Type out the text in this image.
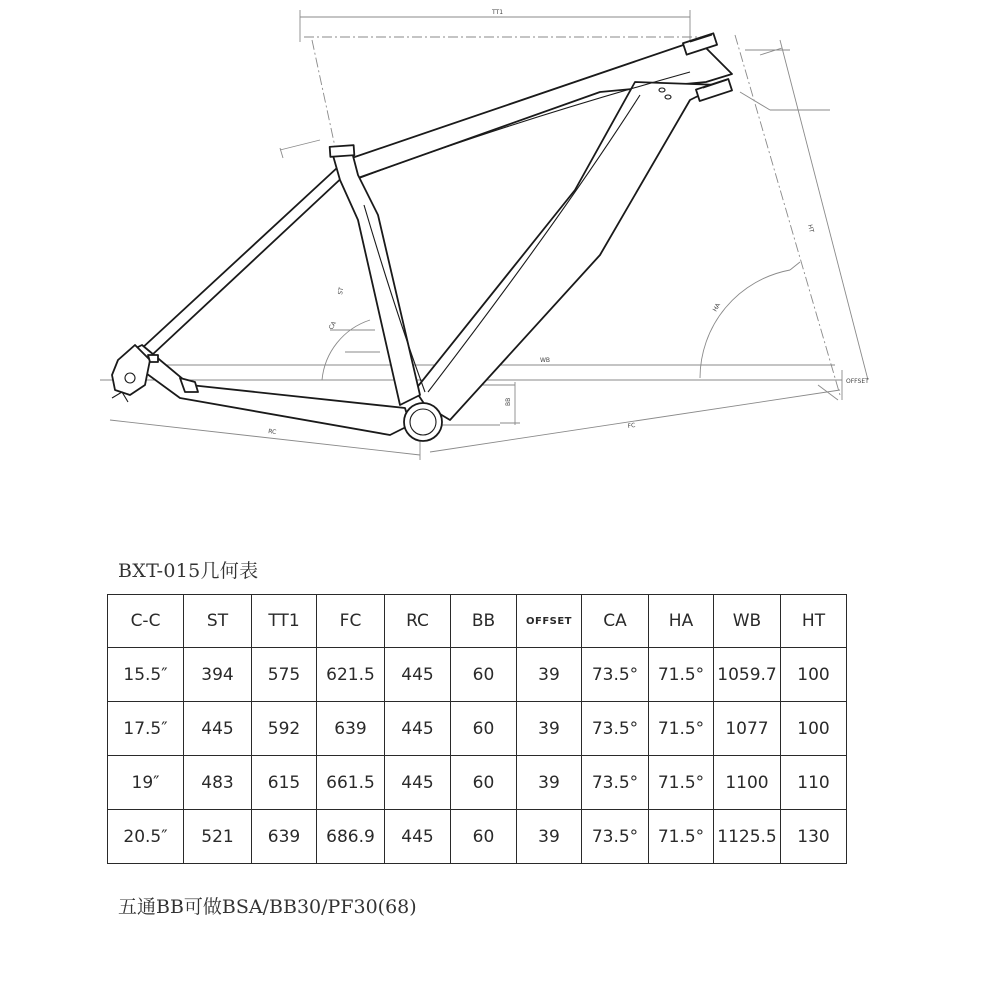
TT1
HT
HA
CA
ST
WB
BB
RC
FC
OFFSET
BXT-015几何表
C-C	ST	TT1	FC	RC	BB	OFFSET	CA	HA	WB	HT
15.5″	394	575	621.5	445	60	39	73.5°	71.5°	1059.7	100
17.5″	445	592	639	445	60	39	73.5°	71.5°	1077	100
19″	483	615	661.5	445	60	39	73.5°	71.5°	1100	110
20.5″	521	639	686.9	445	60	39	73.5°	71.5°	1125.5	130
五通BB可做BSA/BB30/PF30(68)
